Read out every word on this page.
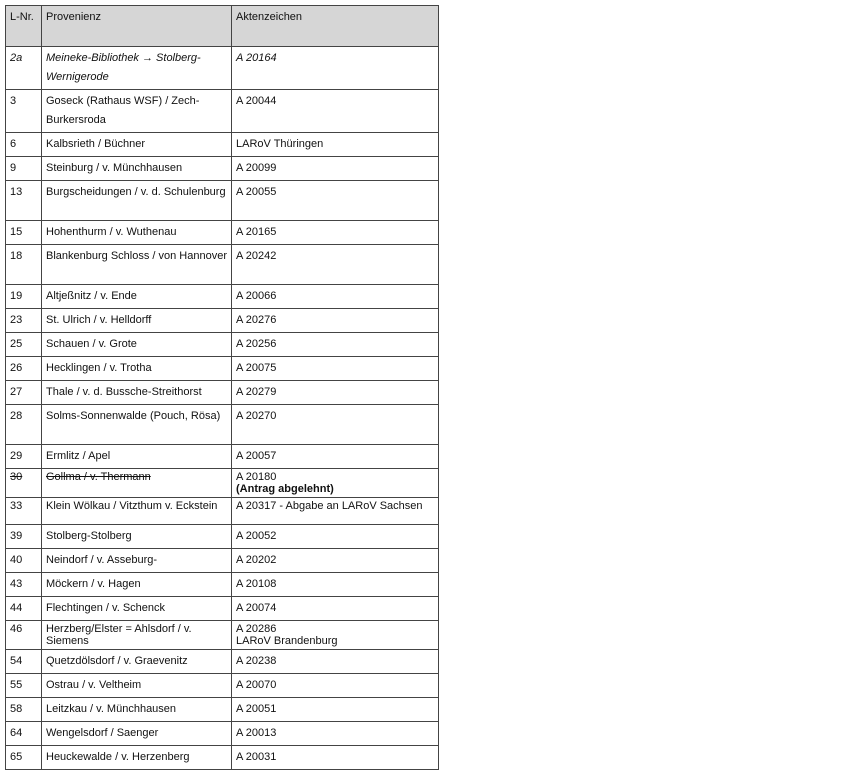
L-Nr.	Provenienz	Aktenzeichen
2a	Meineke-Bibliothek → Stolberg-Wernigerode	A 20164
3	Goseck (Rathaus WSF) / Zech-Burkersroda	A 20044
6	Kalbsrieth / Büchner	LARoV Thüringen
9	Steinburg / v. Münchhausen	A 20099
13	Burgscheidungen / v. d. Schulenburg	A 20055
15	Hohenthurm / v. Wuthenau	A 20165
18	Blankenburg Schloss / von Hannover	A 20242
19	Altjeßnitz / v. Ende	A 20066
23	St. Ulrich / v. Helldorff	A 20276
25	Schauen / v. Grote	A 20256
26	Hecklingen / v. Trotha	A 20075
27	Thale / v. d. Bussche-Streithorst	A 20279
28	Solms-Sonnenwalde (Pouch, Rösa)	A 20270
29	Ermlitz / Apel	A 20057
30	Gollma / v. Thermann	A 20180
(Antrag abgelehnt)

33	Klein Wölkau / Vitzthum v. Eckstein	A 20317 - Abgabe an LARoV Sachsen
39	Stolberg-Stolberg	A 20052
40	Neindorf / v. Asseburg-	A 20202
43	Möckern / v. Hagen	A 20108
44	Flechtingen / v. Schenck	A 20074
46	Herzberg/Elster = Ahlsdorf / v. Siemens	A 20286
LARoV Brandenburg

54	Quetzdölsdorf / v. Graevenitz	A 20238
55	Ostrau / v. Veltheim	A 20070
58	Leitzkau / v. Münchhausen	A 20051
64	Wengelsdorf / Saenger	A 20013
65	Heuckewalde / v. Herzenberg	A 20031
